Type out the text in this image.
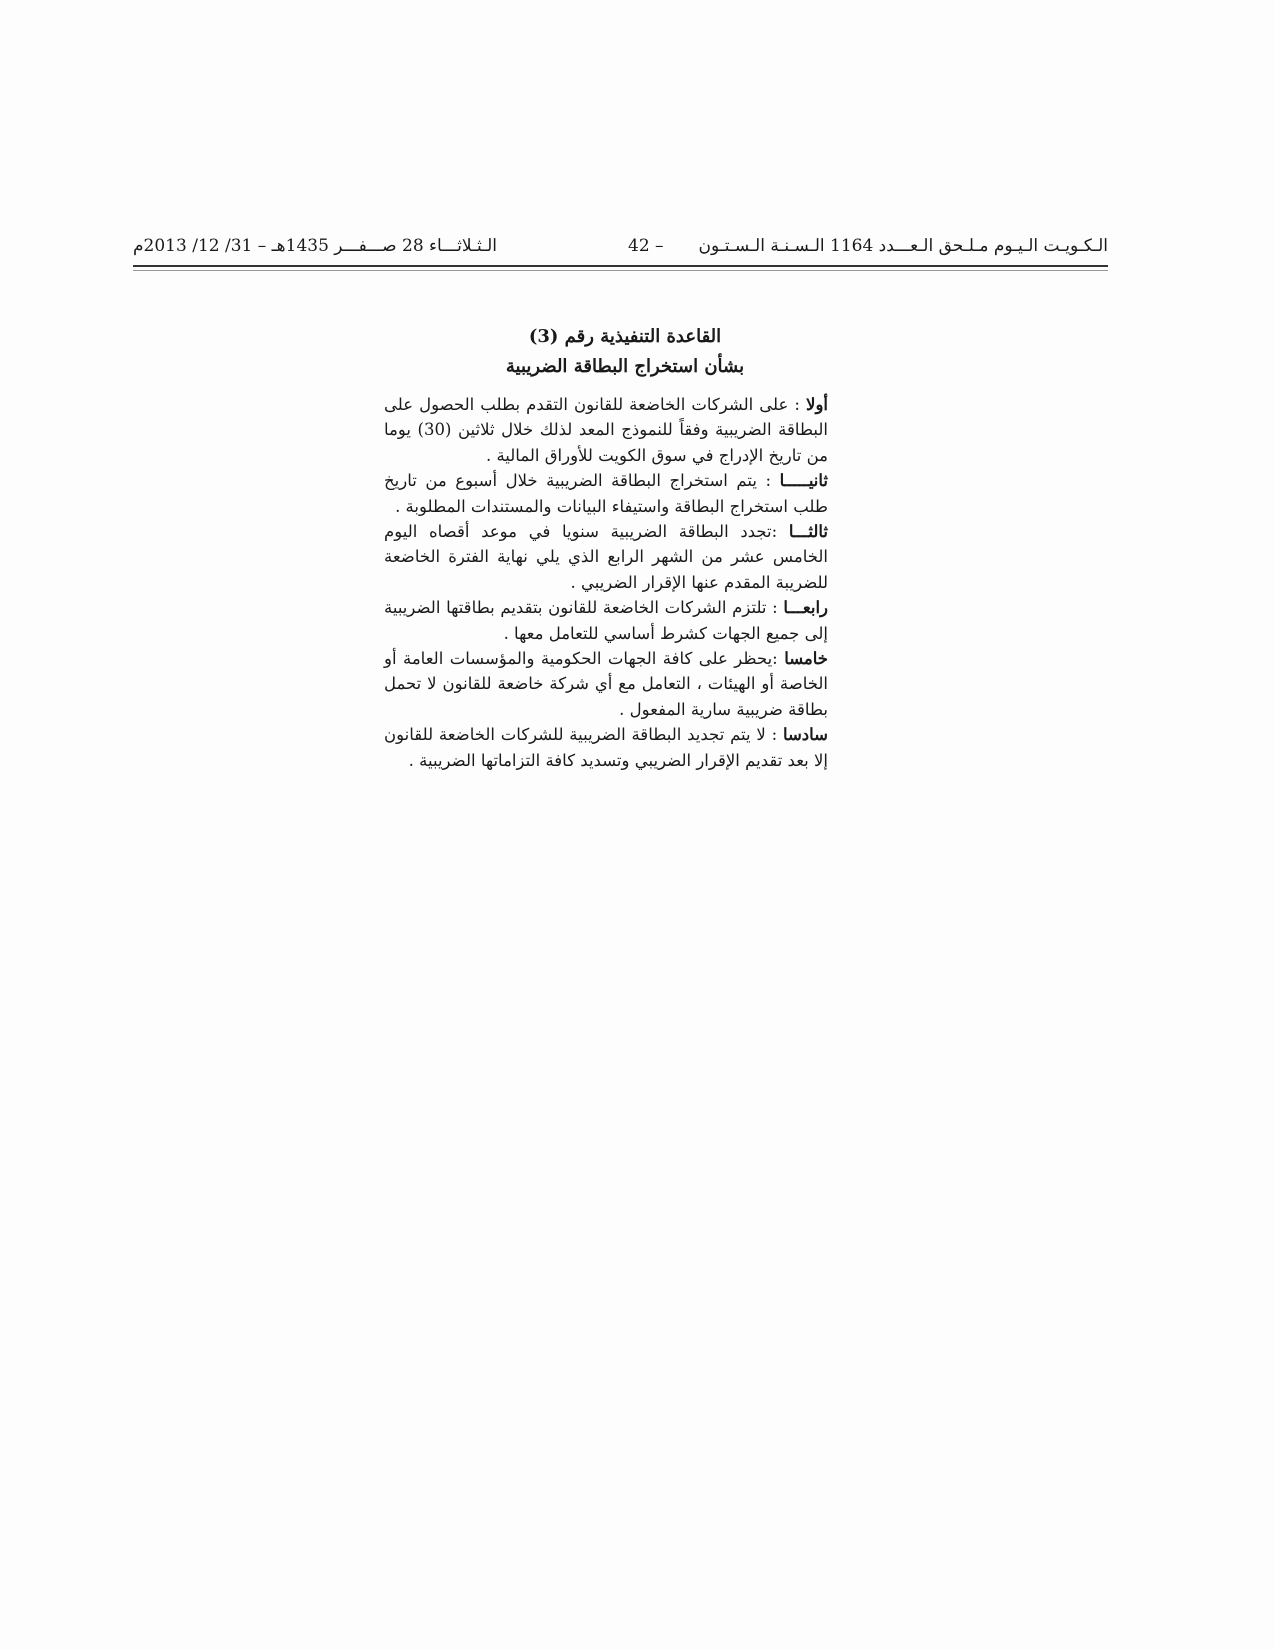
الـكـويـت الـيـوم مـلـحق الـعـــدد 1164 الـسـنـة الـسـتـون
– 42
الـثـلاثـــاء 28 صـــفـــر 1435هـ – 31/ 12/ 2013م
القاعدة التنفيذية رقم (3)
بشأن استخراج البطاقة الضريبية

أولا : على الشركات الخاضعة للقانون التقدم بطلب الحصول على البطاقة الضريبية وفقاً للنموذج المعد لذلك خلال ثلاثين (30) يوما من تاريخ الإدراج في سوق الكويت للأوراق المالية .

ثانيـــــا : يتم استخراج البطاقة الضريبية خلال أسبوع من تاريخ طلب استخراج البطاقة واستيفاء البيانات والمستندات المطلوبة .

ثالثـــا :تجدد البطاقة الضريبية سنويا في موعد أقصاه اليوم الخامس عشر من الشهر الرابع الذي يلي نهاية الفترة الخاضعة للضريبة المقدم عنها الإقرار الضريبي .

رابعـــا : تلتزم الشركات الخاضعة للقانون بتقديم بطاقتها الضريبية إلى جميع الجهات كشرط أساسي للتعامل معها .

خامسا :يحظر على كافة الجهات الحكومية والمؤسسات العامة أو الخاصة أو الهيئات ، التعامل مع أي شركة خاضعة للقانون لا تحمل بطاقة ضريبية سارية المفعول .

سادسا : لا يتم تجديد البطاقة الضريبية للشركات الخاضعة للقانون إلا بعد تقديم الإقرار الضريبي وتسديد كافة التزاماتها الضريبية .
